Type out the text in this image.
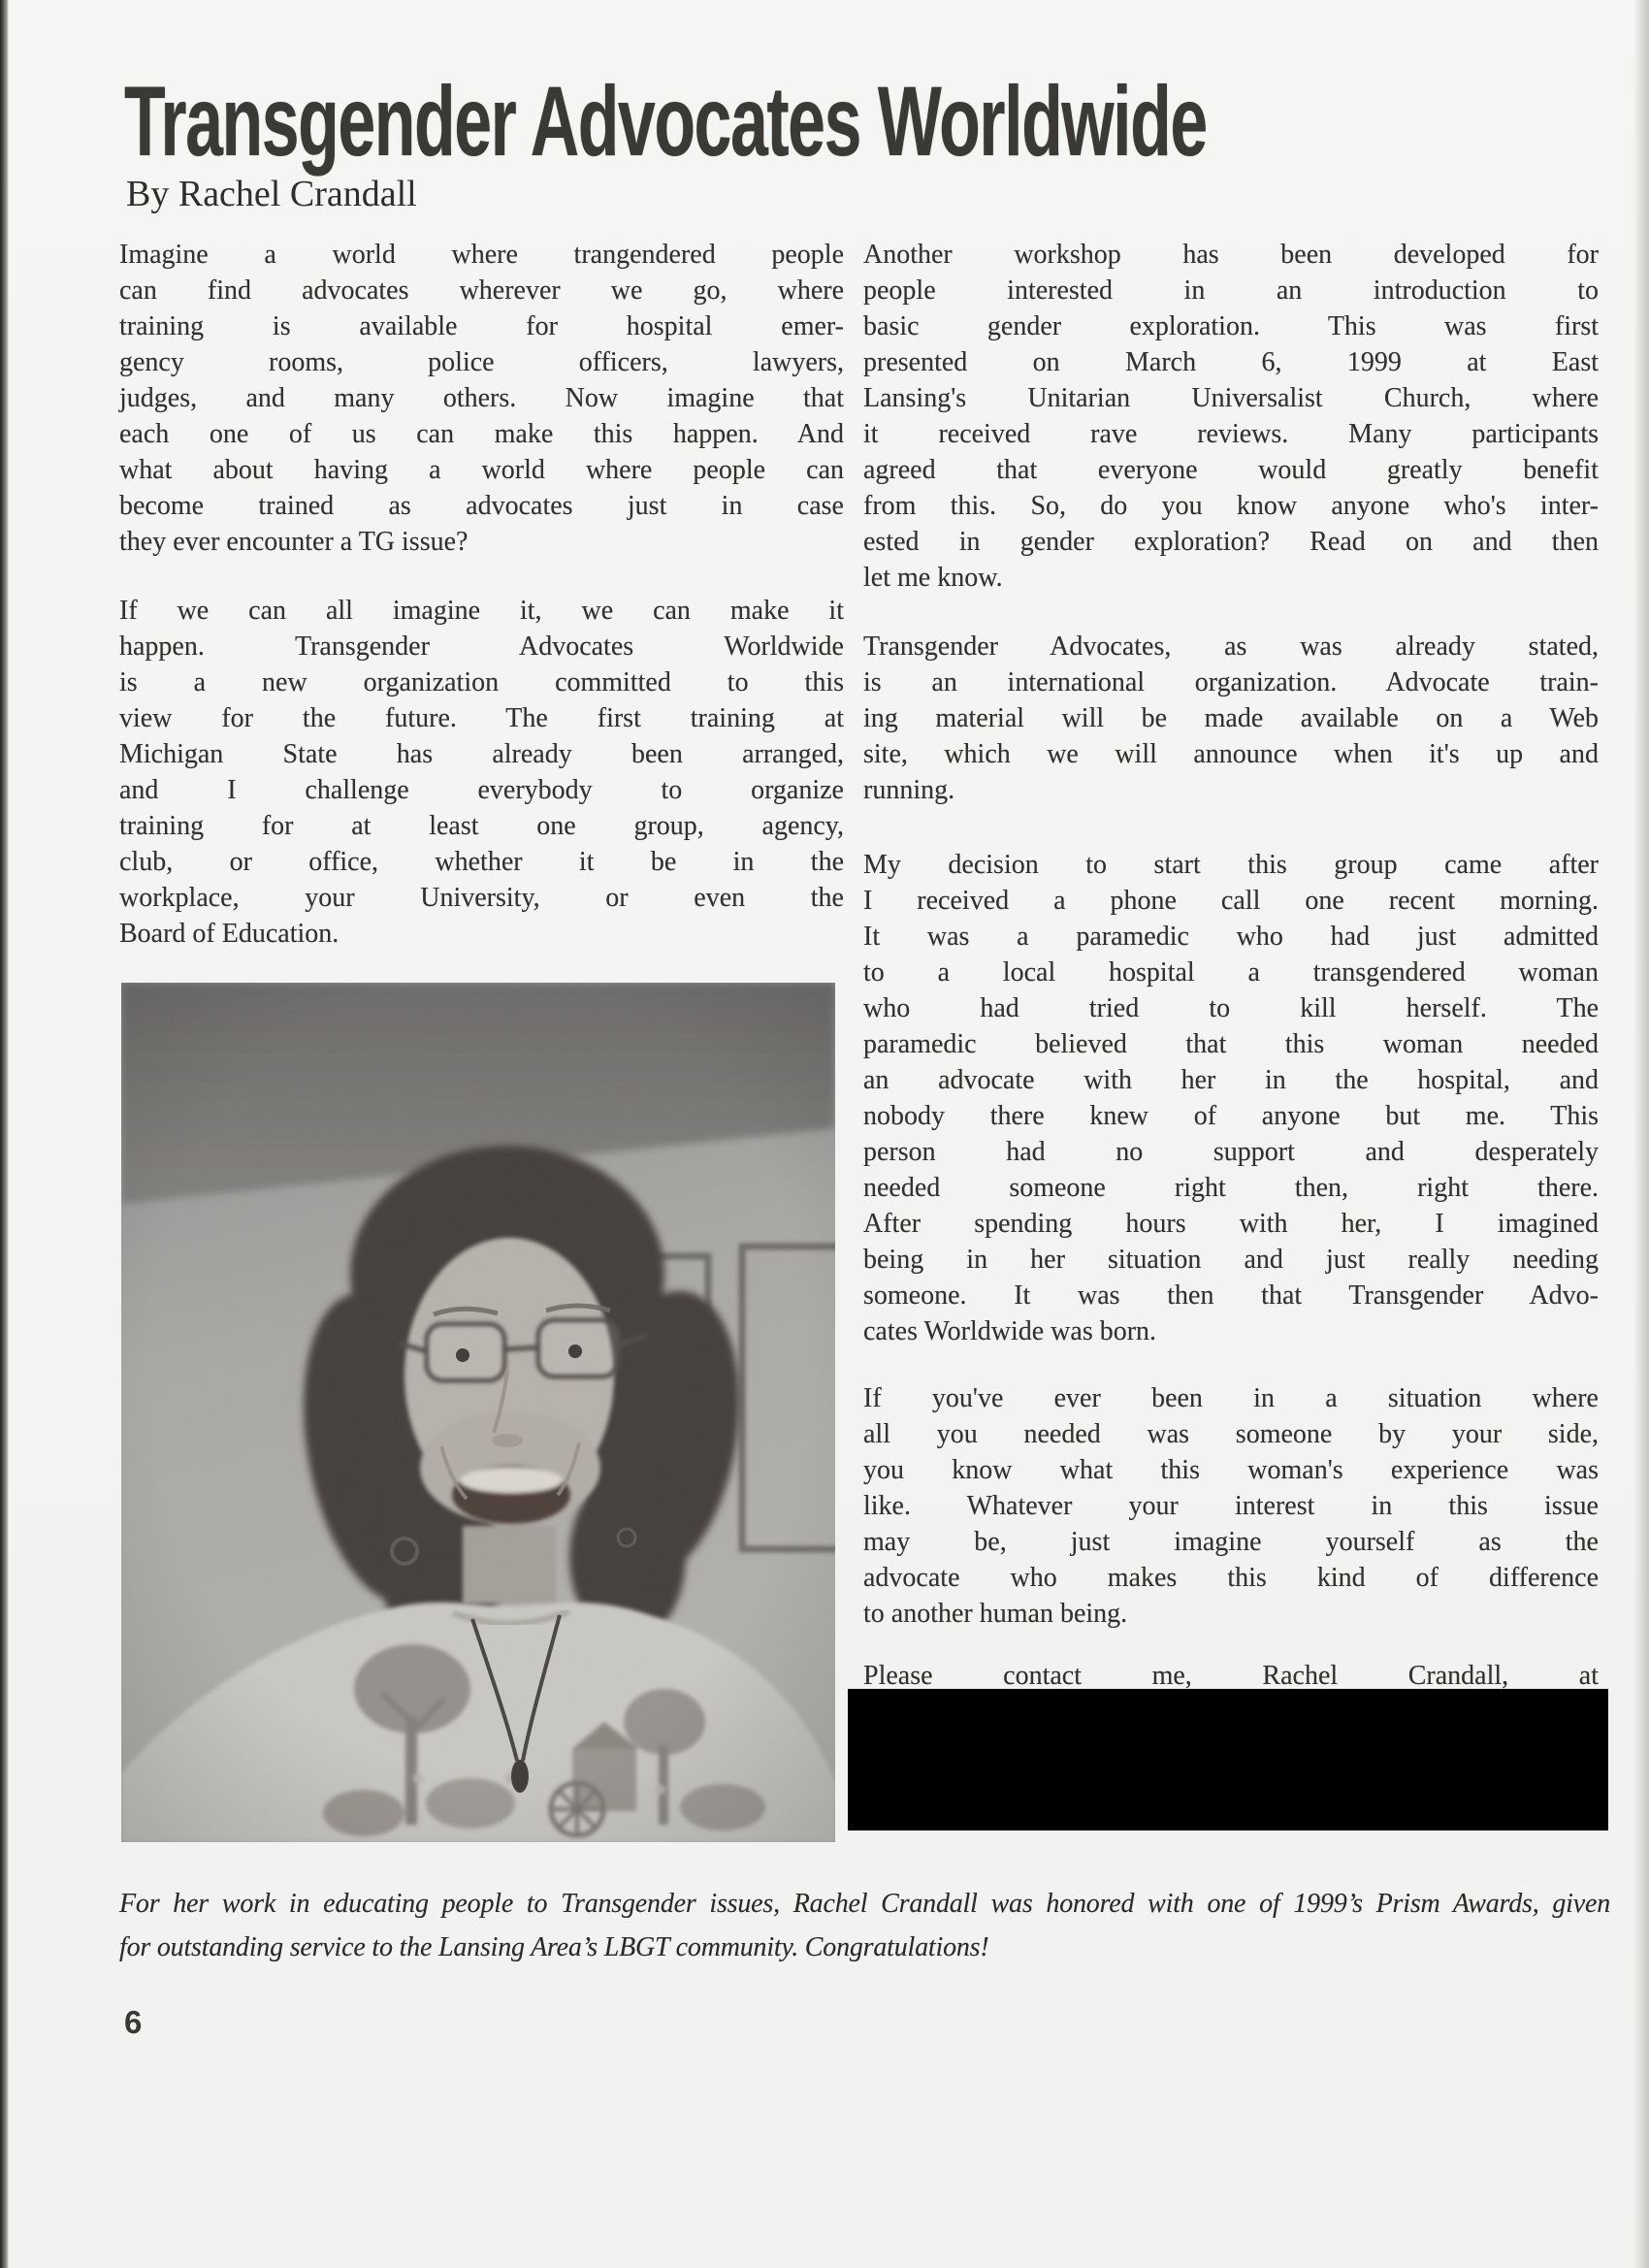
Transgender Advocates Worldwide
By Rachel Crandall
Imagine a world where trangendered people
can find advocates wherever we go, where
training is available for hospital emer-
gency rooms, police officers, lawyers,
judges, and many others. Now imagine that
each one of us can make this happen. And
what about having a world where people can
become trained as advocates just in case
they ever encounter a TG issue?
If we can all imagine it, we can make it
happen. Transgender Advocates Worldwide
is a new organization committed to this
view for the future. The first training at
Michigan State has already been arranged,
and I challenge everybody to organize
training for at least one group, agency,
club, or office, whether it be in the
workplace, your University, or even the
Board of Education.
Another workshop has been developed for
people interested in an introduction to
basic gender exploration. This was first
presented on March 6, 1999 at East
Lansing's Unitarian Universalist Church, where
it received rave reviews. Many participants
agreed that everyone would greatly benefit
from this. So, do you know anyone who's inter-
ested in gender exploration? Read on and then
let me know.
Transgender Advocates, as was already stated,
is an international organization. Advocate train-
ing material will be made available on a Web
site, which we will announce when it's up and
running.
My decision to start this group came after
I received a phone call one recent morning.
It was a paramedic who had just admitted
to a local hospital a transgendered woman
who had tried to kill herself. The
paramedic believed that this woman needed
an advocate with her in the hospital, and
nobody there knew of anyone but me. This
person had no support and desperately
needed someone right then, right there.
After spending hours with her, I imagined
being in her situation and just really needing
someone. It was then that Transgender Advo-
cates Worldwide was born.
If you've ever been in a situation where
all you needed was someone by your side,
you know what this woman's experience was
like. Whatever your interest in this issue
may be, just imagine yourself as the
advocate who makes this kind of difference
to another human being.
Please contact me, Rachel Crandall, at
For her work in educating people to Transgender issues, Rachel Crandall was honored with one of 1999’s Prism Awards, given
for outstanding service to the Lansing Area’s LBGT community. Congratulations!
6
